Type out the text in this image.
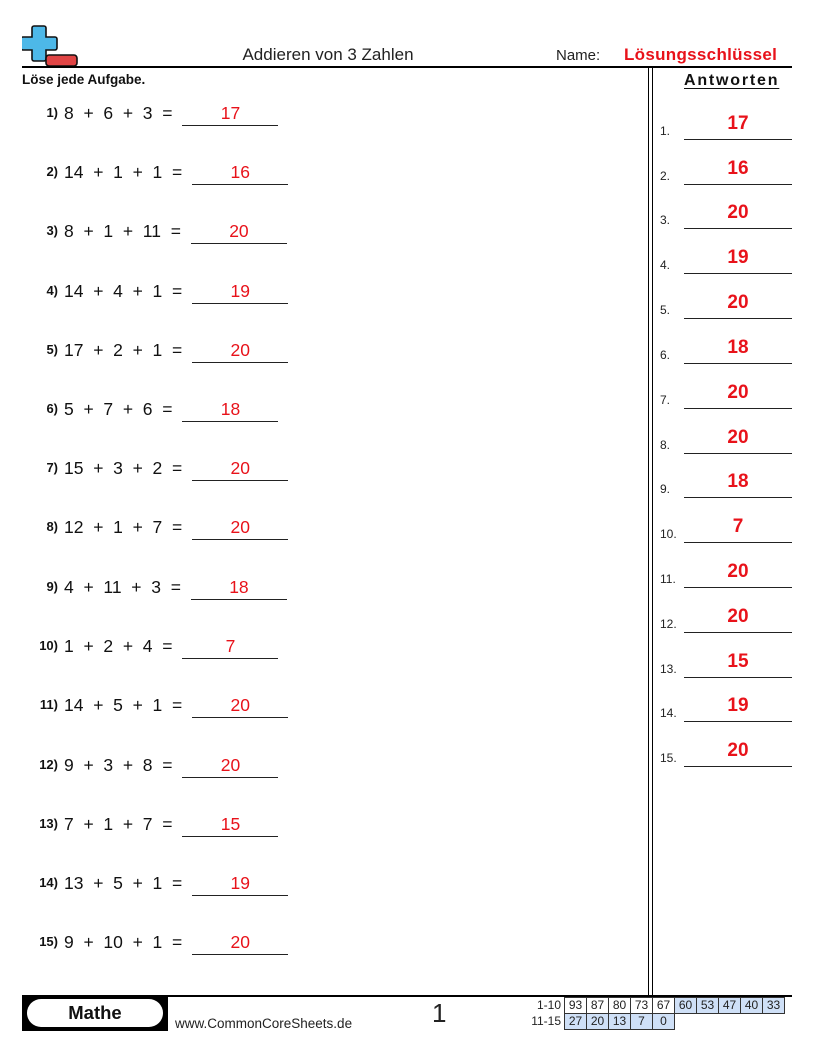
Addieren von 3 Zahlen	Name: Lösungsschlüssel
Löse jede Aufgabe.
1) 8  +  6  +  3  =	17
2) 14  +  1  +  1  =	16
3) 8  +  1  +  11  =	20
4) 14  +  4  +  1  =	19
5) 17  +  2  +  1  =	20
6) 5  +  7  +  6  =	18
7) 15  +  3  +  2  =	20
8) 12  +  1  +  7  =	20
9) 4  +  11  +  3  =	18
10) 1  +  2  +  4  =	7
11) 14  +  5  +  1  =	20
12) 9  +  3  +  8  =	20
13) 7  +  1  +  7  =	15
14) 13  +  5  +  1  =	19
15) 9  +  10  +  1  =	20
Antworten
1.	17
2.	16
3.	20
4.	19
5.	20
6.	18
7.	20
8.	20
9.	18
10.	7
11.	20
12.	20
13.	15
14.	19
15.	20
Mathe
www.CommonCoreSheets.de	1	1-10	93	87	80	73	67	60	53	47	40	33
11-15	27	20	13	7	0					
